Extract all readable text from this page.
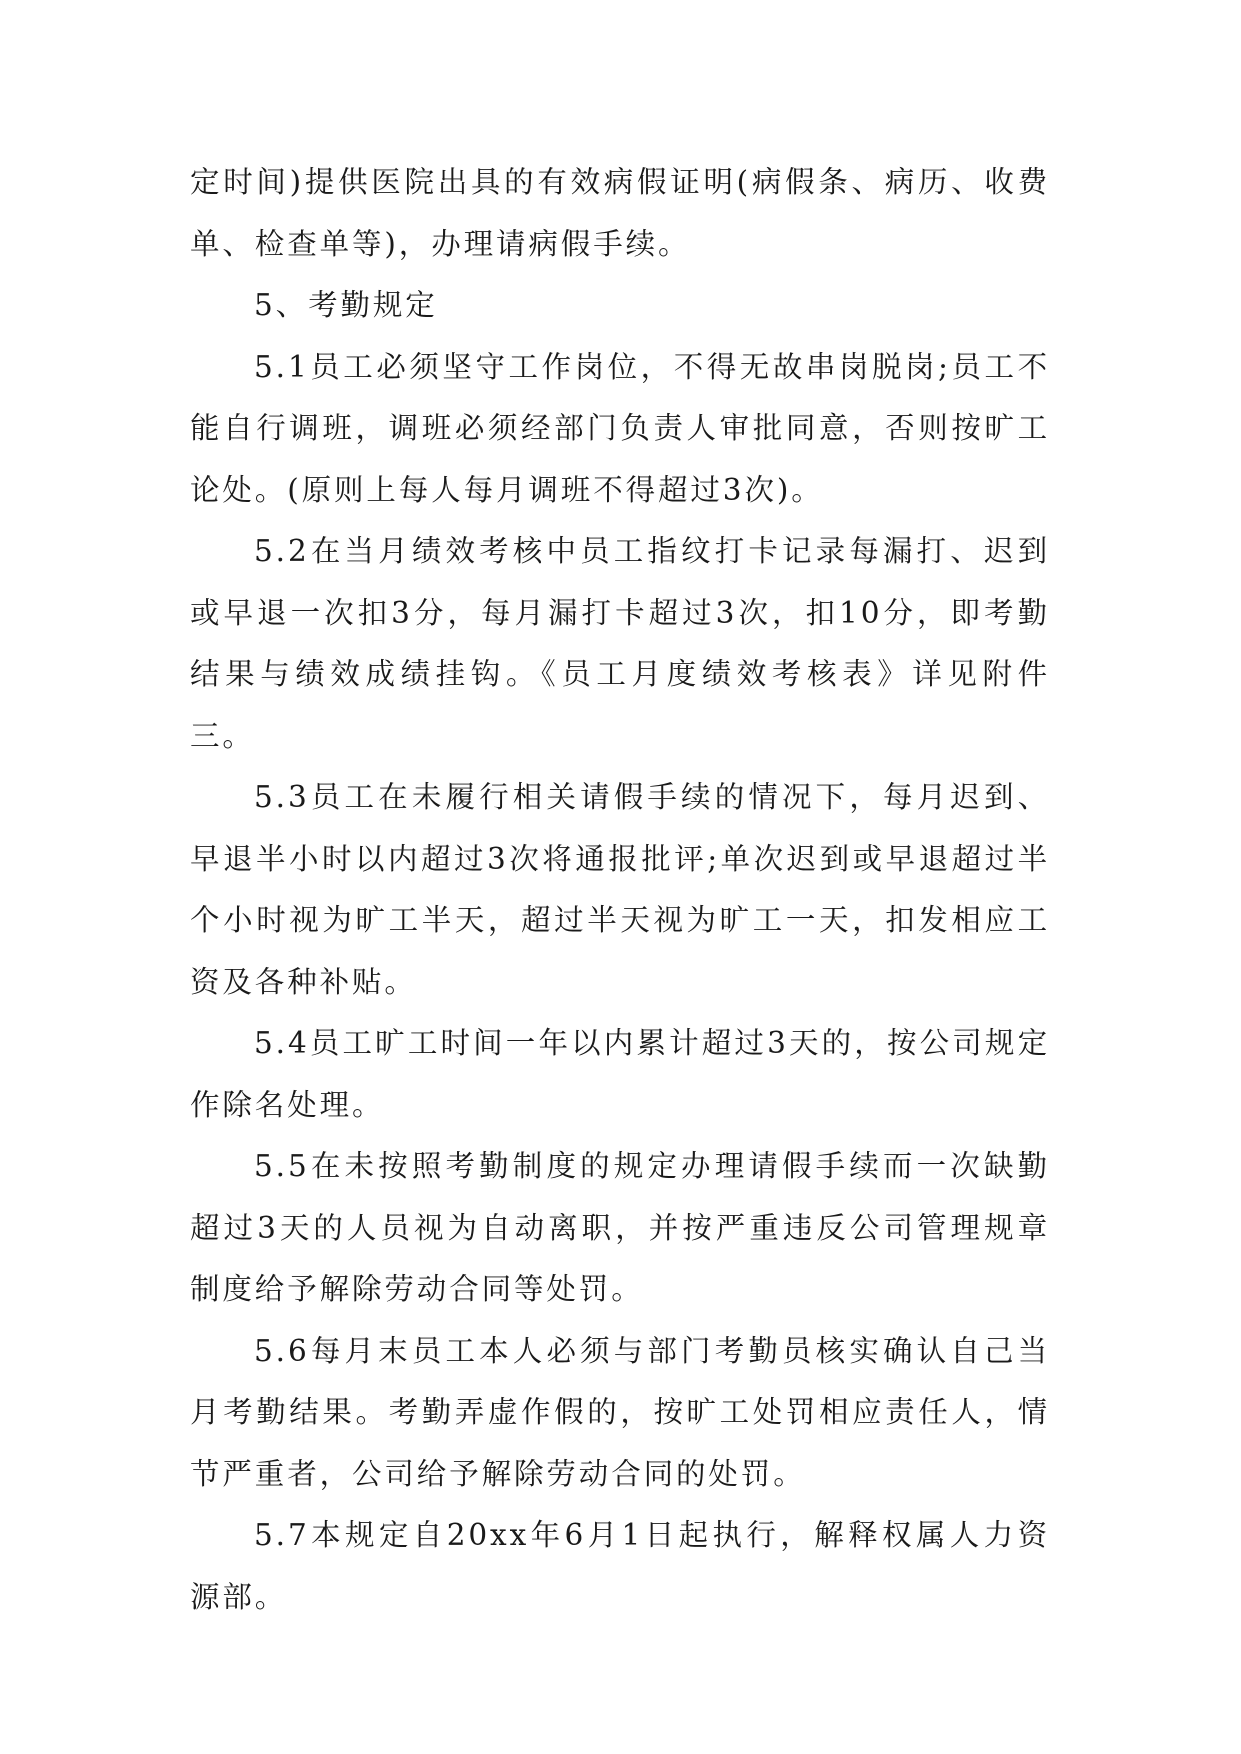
定时间)提供医院出具的有效病假证明(病假条、病历、收费单、检查单等)，办理请病假手续。

5、考勤规定

5.1员工必须坚守工作岗位，不得无故串岗脱岗;员工不能自行调班，调班必须经部门负责人审批同意，否则按旷工论处。(原则上每人每月调班不得超过3次)。

5.2在当月绩效考核中员工指纹打卡记录每漏打、迟到或早退一次扣3分，每月漏打卡超过3次，扣10分，即考勤结果与绩效成绩挂钩。《员工月度绩效考核表》详见附件三。

5.3员工在未履行相关请假手续的情况下，每月迟到、早退半小时以内超过3次将通报批评;单次迟到或早退超过半个小时视为旷工半天，超过半天视为旷工一天，扣发相应工资及各种补贴。

5.4员工旷工时间一年以内累计超过3天的，按公司规定作除名处理。

5.5在未按照考勤制度的规定办理请假手续而一次缺勤超过3天的人员视为自动离职，并按严重违反公司管理规章制度给予解除劳动合同等处罚。

5.6每月末员工本人必须与部门考勤员核实确认自己当月考勤结果。考勤弄虚作假的，按旷工处罚相应责任人，情节严重者，公司给予解除劳动合同的处罚。

5.7本规定自20xx年6月1日起执行，解释权属人力资源部。
